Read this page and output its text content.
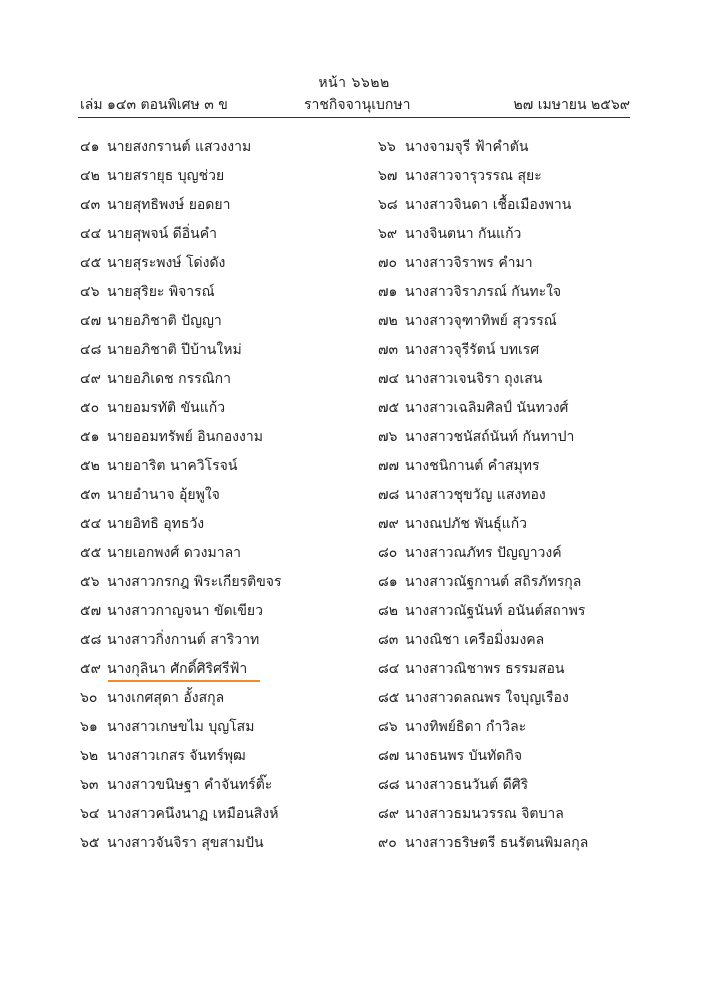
หน้า ๖๖๒๒
เล่ม ๑๔๓ ตอนพิเศษ ๓ ข	ราชกิจจานุเบกษา	๒๗ เมษายน ๒๕๖๙
๔๑ นายสงกรานต์ แสวงงาม
๔๒ นายสรายุธ บุญช่วย
๔๓ นายสุทธิพงษ์ ยอดยา
๔๔ นายสุพจน์ ดีอิ่นคำ
๔๕ นายสุระพงษ์ โด่งดัง
๔๖ นายสุริยะ พิจารณ์
๔๗ นายอภิชาติ ปัญญา
๔๘ นายอภิชาติ ปีบ้านใหม่
๔๙ นายอภิเดช กรรณิกา
๕๐ นายอมรทัติ ขันแก้ว
๕๑ นายออมทรัพย์ อินกองงาม
๕๒ นายอาริต นาควิโรจน์
๕๓ นายอำนาจ อุ้ยพูใจ
๕๔ นายอิทธิ อุทธวัง
๕๕ นายเอกพงศ์ ดวงมาลา
๕๖ นางสาวกรกฎ พิระเกียรติขจร
๕๗ นางสาวกาญจนา ขัดเขียว
๕๘ นางสาวกิ่งกานต์ สาริวาท
๕๙ นางกุลินา ศักดิ์ศิริศรีฟ้า
๖๐ นางเกศสุดา อั้งสกุล
๖๑ นางสาวเกษขไม บุญโสม
๖๒ นางสาวเกสร จันทร์พุฒ
๖๓ นางสาวขนิษฐา คำจันทร์ติ๊ะ
๖๔ นางสาวคนึงนาฏ เหมือนสิงห์
๖๕ นางสาวจันจิรา สุขสามปัน
๖๖ นางจามจุรี ฟ้าคำตัน
๖๗ นางสาวจารุวรรณ สุยะ
๖๘ นางสาวจินดา เชื้อเมืองพาน
๖๙ นางจินตนา กันแก้ว
๗๐ นางสาวจิราพร คำมา
๗๑ นางสาวจิราภรณ์ กันทะใจ
๗๒ นางสาวจุฑาทิพย์ สุวรรณ์
๗๓ นางสาวจุรีรัตน์ บทเรศ
๗๔ นางสาวเจนจิรา ถุงเสน
๗๕ นางสาวเฉลิมศิลป์ นันทวงศ์
๗๖ นางสาวชนัสถ์นันท์ กันทาปา
๗๗ นางชนิกานต์ คำสมุทร
๗๘ นางสาวชุขวัญ แสงทอง
๗๙ นางณปภัช พันธุ์แก้ว
๘๐ นางสาวณภัทร ปัญญาวงค์
๘๑ นางสาวณัฐกานต์ สถิรภัทรกุล
๘๒ นางสาวณัฐนันท์ อนันต์สถาพร
๘๓ นางณิชา เครือมิ่งมงคล
๘๔ นางสาวณิชาพร ธรรมสอน
๘๕ นางสาวดลณพร ใจบุญเรือง
๘๖ นางทิพย์ธิดา กำวิละ
๘๗ นางธนพร บันทัดกิจ
๘๘ นางสาวธนวันต์ ดีศิริ
๘๙ นางสาวธมนวรรณ จิตบาล
๙๐ นางสาวธริษตรี ธนรัตนพิมลกุล
